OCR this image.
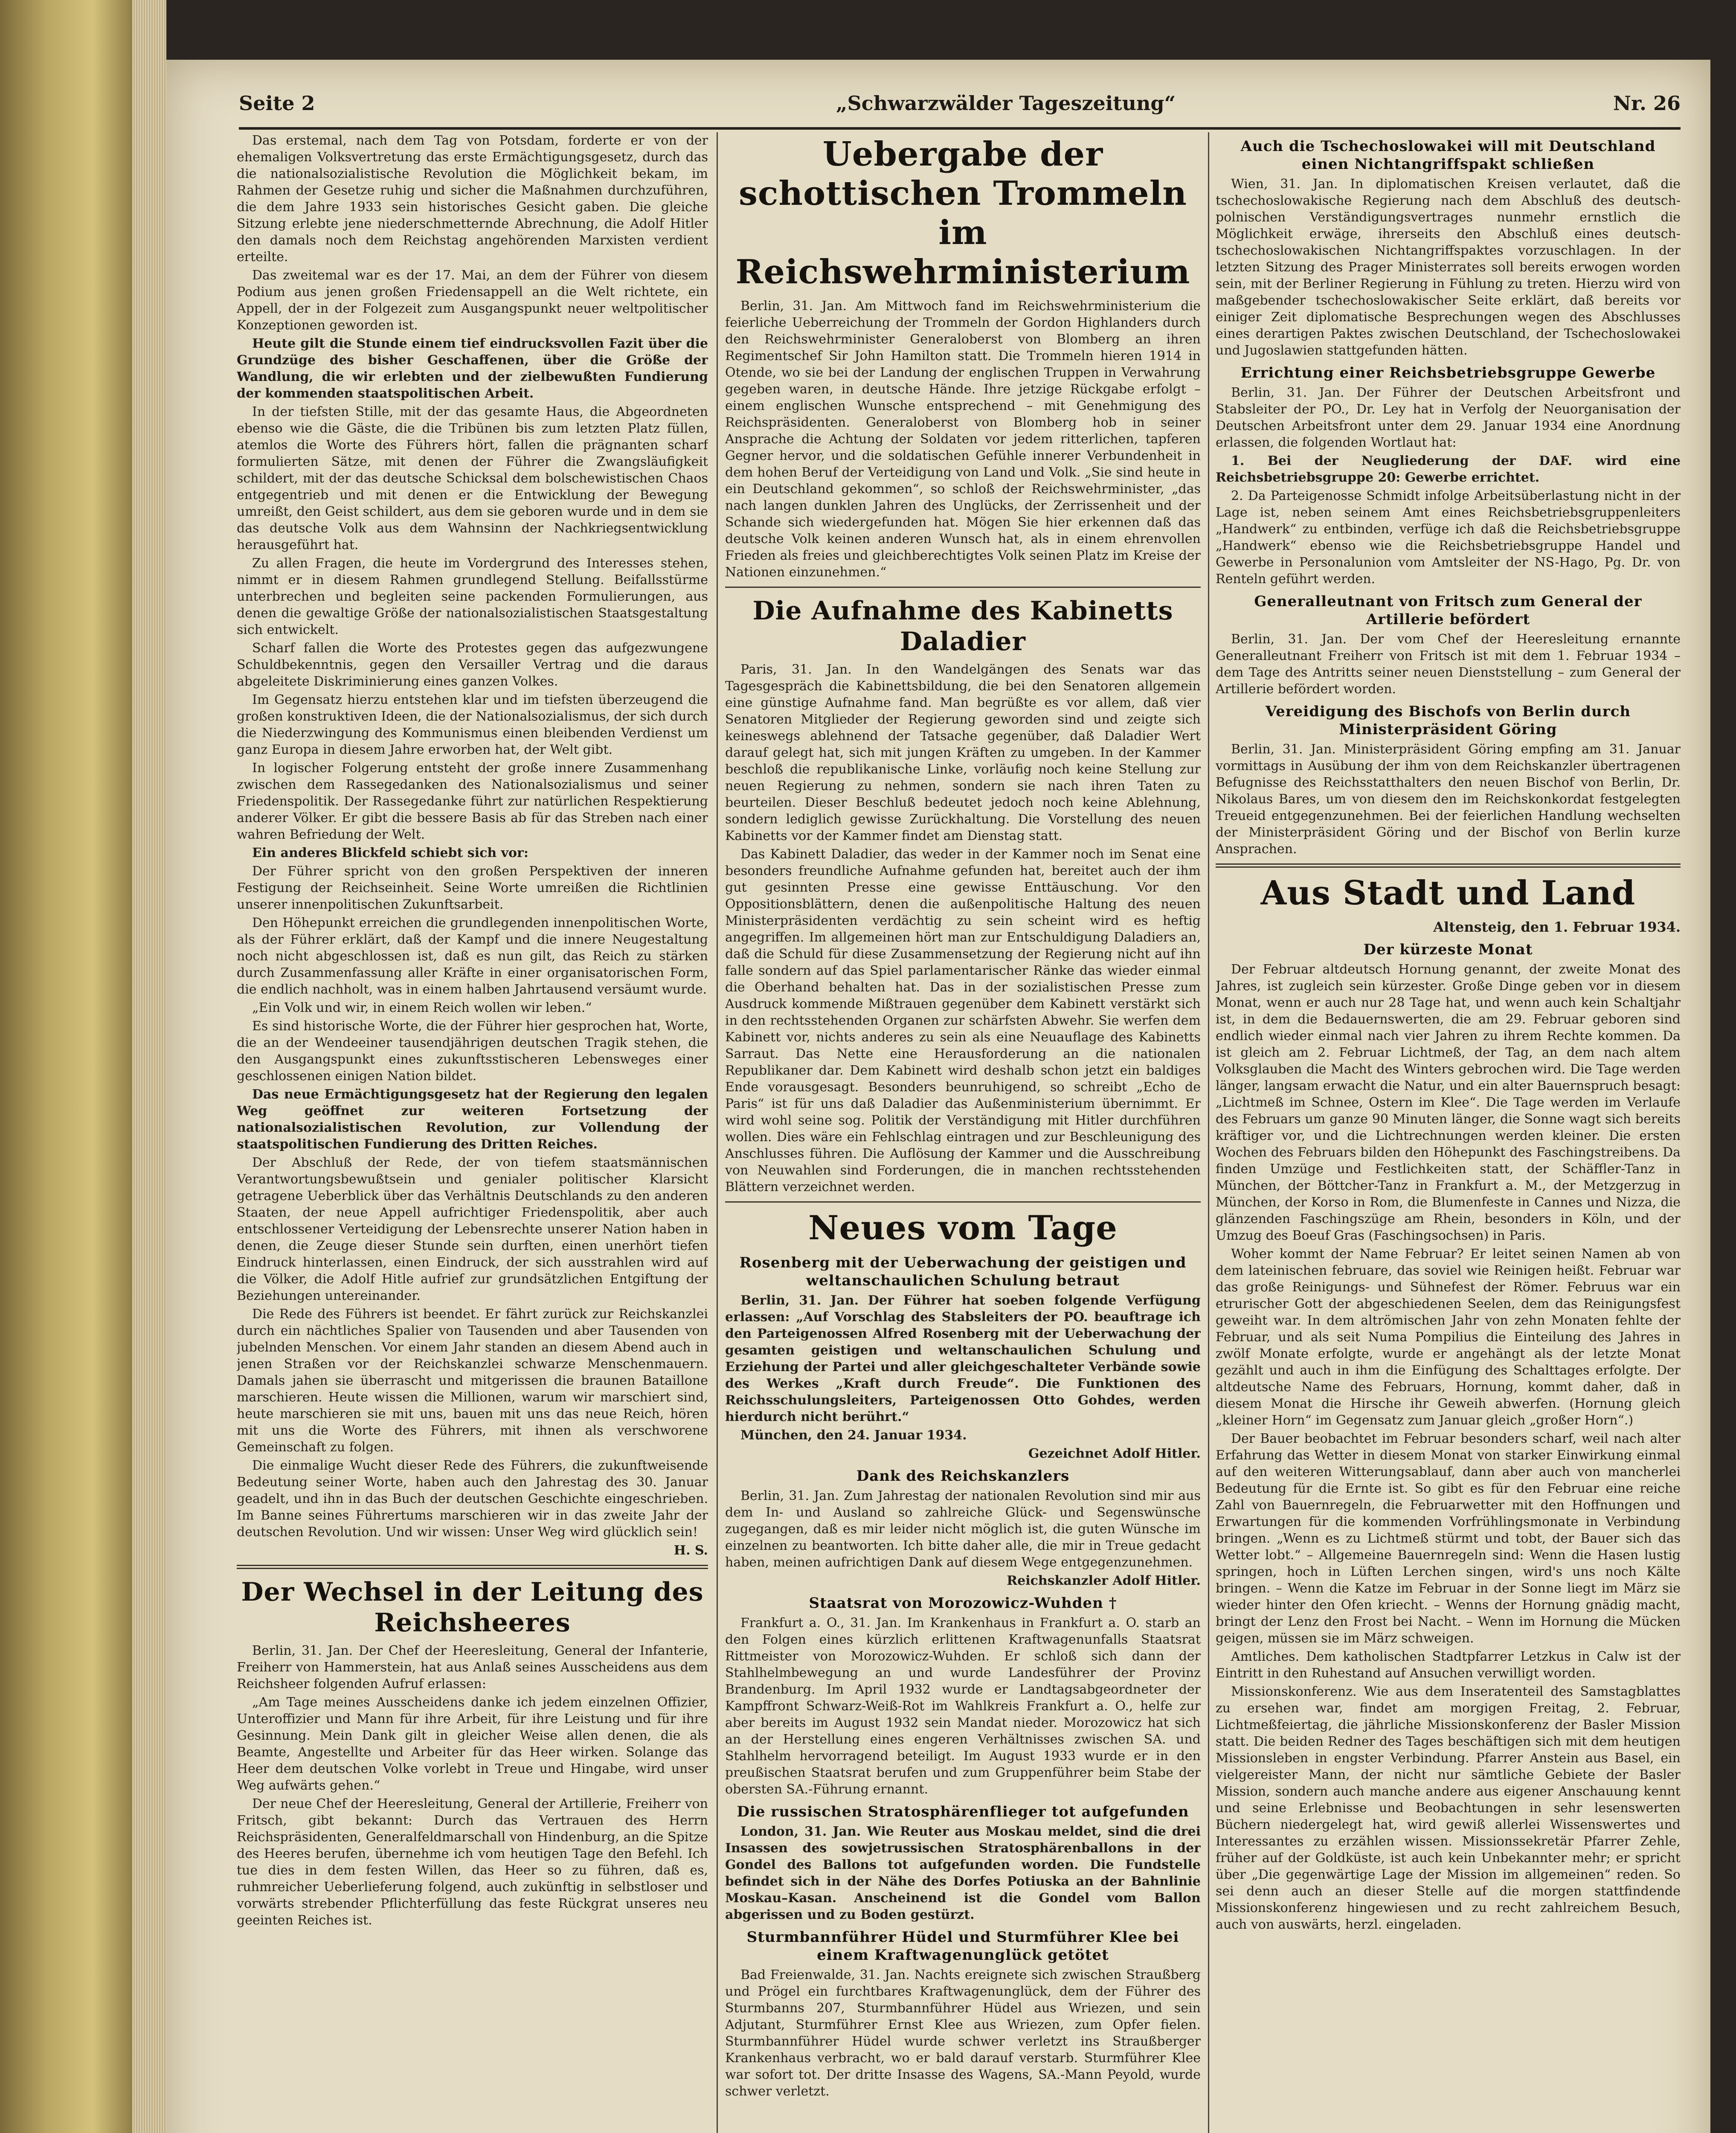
Seite 2	„Schwarzwälder Tageszeitung“	Nr. 26

Das erstemal, nach dem Tag von Potsdam, forderte er von der ehemaligen Volksvertretung das erste Ermächtigungsgesetz, durch das die nationalsozialistische Revolution die Möglichkeit bekam, im Rahmen der Gesetze ruhig und sicher die Maßnahmen durchzuführen, die dem Jahre 1933 sein historisches Gesicht gaben. Die gleiche Sitzung erlebte jene niederschmetternde Abrechnung, die Adolf Hitler den damals noch dem Reichstag angehörenden Marxisten verdient erteilte.

Das zweitemal war es der 17. Mai, an dem der Führer von diesem Podium aus jenen großen Friedensappell an die Welt richtete, ein Appell, der in der Folgezeit zum Ausgangspunkt neuer weltpolitischer Konzeptionen geworden ist.

Heute gilt die Stunde einem tief eindrucksvollen Fazit über die Grundzüge des bisher Geschaffenen, über die Größe der Wandlung, die wir erlebten und der zielbewußten Fundierung der kommenden staatspolitischen Arbeit.

In der tiefsten Stille, mit der das gesamte Haus, die Abgeordneten ebenso wie die Gäste, die die Tribünen bis zum letzten Platz füllen, atemlos die Worte des Führers hört, fallen die prägnanten scharf formulierten Sätze, mit denen der Führer die Zwangsläufigkeit schildert, mit der das deutsche Schicksal dem bolschewistischen Chaos entgegentrieb und mit denen er die Entwicklung der Bewegung umreißt, den Geist schildert, aus dem sie geboren wurde und in dem sie das deutsche Volk aus dem Wahnsinn der Nachkriegsentwicklung herausgeführt hat.

Zu allen Fragen, die heute im Vordergrund des Interesses stehen, nimmt er in diesem Rahmen grundlegend Stellung. Beifallsstürme unterbrechen und begleiten seine packenden Formulierungen, aus denen die gewaltige Größe der nationalsozialistischen Staatsgestaltung sich entwickelt.

Scharf fallen die Worte des Protestes gegen das aufgezwungene Schuldbekenntnis, gegen den Versailler Vertrag und die daraus abgeleitete Diskriminierung eines ganzen Volkes.

Im Gegensatz hierzu entstehen klar und im tiefsten überzeugend die großen konstruktiven Ideen, die der Nationalsozialismus, der sich durch die Niederzwingung des Kommunismus einen bleibenden Verdienst um ganz Europa in diesem Jahre erworben hat, der Welt gibt.

In logischer Folgerung entsteht der große innere Zusammenhang zwischen dem Rassegedanken des Nationalsozialismus und seiner Friedenspolitik. Der Rassegedanke führt zur natürlichen Respektierung anderer Völker. Er gibt die bessere Basis ab für das Streben nach einer wahren Befriedung der Welt.

Ein anderes Blickfeld schiebt sich vor:

Der Führer spricht von den großen Perspektiven der inneren Festigung der Reichseinheit. Seine Worte umreißen die Richtlinien unserer innenpolitischen Zukunftsarbeit.

Den Höhepunkt erreichen die grundlegenden innenpolitischen Worte, als der Führer erklärt, daß der Kampf und die innere Neugestaltung noch nicht abgeschlossen ist, daß es nun gilt, das Reich zu stärken durch Zusammenfassung aller Kräfte in einer organisatorischen Form, die endlich nachholt, was in einem halben Jahrtausend versäumt wurde.

„Ein Volk und wir, in einem Reich wollen wir leben.“

Es sind historische Worte, die der Führer hier gesprochen hat, Worte, die an der Wendeeiner tausendjährigen deutschen Tragik stehen, die den Ausgangspunkt eines zukunftsstischeren Lebensweges einer geschlossenen einigen Nation bildet.

Das neue Ermächtigungsgesetz hat der Regierung den legalen Weg geöffnet zur weiteren Fortsetzung der nationalsozialistischen Revolution, zur Vollendung der staatspolitischen Fundierung des Dritten Reiches.

Der Abschluß der Rede, der von tiefem staatsmännischen Verantwortungsbewußtsein und genialer politischer Klarsicht getragene Ueberblick über das Verhältnis Deutschlands zu den anderen Staaten, der neue Appell aufrichtiger Friedenspolitik, aber auch entschlossener Verteidigung der Lebensrechte unserer Nation haben in denen, die Zeuge dieser Stunde sein durften, einen unerhört tiefen Eindruck hinterlassen, einen Eindruck, der sich ausstrahlen wird auf die Völker, die Adolf Hitle aufrief zur grundsätzlichen Entgiftung der Beziehungen untereinander.

Die Rede des Führers ist beendet. Er fährt zurück zur Reichskanzlei durch ein nächtliches Spalier von Tausenden und aber Tausenden von jubelnden Menschen. Vor einem Jahr standen an diesem Abend auch in jenen Straßen vor der Reichskanzlei schwarze Menschenmauern. Damals jahen sie überrascht und mitgerissen die braunen Bataillone marschieren. Heute wissen die Millionen, warum wir marschiert sind, heute marschieren sie mit uns, bauen mit uns das neue Reich, hören mit uns die Worte des Führers, mit ihnen als verschworene Gemeinschaft zu folgen.

Die einmalige Wucht dieser Rede des Führers, die zukunftweisende Bedeutung seiner Worte, haben auch den Jahrestag des 30. Januar geadelt, und ihn in das Buch der deutschen Geschichte eingeschrieben. Im Banne seines Führertums marschieren wir in das zweite Jahr der deutschen Revolution. Und wir wissen: Unser Weg wird glücklich sein!

H. S.
Der Wechsel in der Leitung des Reichsheeres

Berlin, 31. Jan. Der Chef der Heeresleitung, General der Infanterie, Freiherr von Hammerstein, hat aus Anlaß seines Ausscheidens aus dem Reichsheer folgenden Aufruf erlassen:

„Am Tage meines Ausscheidens danke ich jedem einzelnen Offizier, Unteroffizier und Mann für ihre Arbeit, für ihre Leistung und für ihre Gesinnung. Mein Dank gilt in gleicher Weise allen denen, die als Beamte, Angestellte und Arbeiter für das Heer wirken. Solange das Heer dem deutschen Volke vorlebt in Treue und Hingabe, wird unser Weg aufwärts gehen.“

Der neue Chef der Heeresleitung, General der Artillerie, Freiherr von Fritsch, gibt bekannt: Durch das Vertrauen des Herrn Reichspräsidenten, Generalfeldmarschall von Hindenburg, an die Spitze des Heeres berufen, übernehme ich vom heutigen Tage den Befehl. Ich tue dies in dem festen Willen, das Heer so zu führen, daß es, ruhmreicher Ueberlieferung folgend, auch zukünftig in selbstloser und vorwärts strebender Pflichterfüllung das feste Rückgrat unseres neu geeinten Reiches ist.

Uebergabe der schottischen Trommeln im Reichswehrministerium

Berlin, 31. Jan. Am Mittwoch fand im Reichswehrministerium die feierliche Ueberreichung der Trommeln der Gordon Highlanders durch den Reichswehrminister Generaloberst von Blomberg an ihren Regimentschef Sir John Hamilton statt. Die Trommeln hieren 1914 in Otende, wo sie bei der Landung der englischen Truppen in Verwahrung gegeben waren, in deutsche Hände. Ihre jetzige Rückgabe erfolgt – einem englischen Wunsche entsprechend – mit Genehmigung des Reichspräsidenten. Generaloberst von Blomberg hob in seiner Ansprache die Achtung der Soldaten vor jedem ritterlichen, tapferen Gegner hervor, und die soldatischen Gefühle innerer Verbundenheit in dem hohen Beruf der Verteidigung von Land und Volk. „Sie sind heute in ein Deutschland gekommen“, so schloß der Reichswehrminister, „das nach langen dunklen Jahren des Unglücks, der Zerrissenheit und der Schande sich wiedergefunden hat. Mögen Sie hier erkennen daß das deutsche Volk keinen anderen Wunsch hat, als in einem ehrenvollen Frieden als freies und gleichberechtigtes Volk seinen Platz im Kreise der Nationen einzunehmen.“

Die Aufnahme des Kabinetts Daladier

Paris, 31. Jan. In den Wandelgängen des Senats war das Tagesgespräch die Kabinettsbildung, die bei den Senatoren allgemein eine günstige Aufnahme fand. Man begrüßte es vor allem, daß vier Senatoren Mitglieder der Regierung geworden sind und zeigte sich keineswegs ablehnend der Tatsache gegenüber, daß Daladier Wert darauf gelegt hat, sich mit jungen Kräften zu umgeben. In der Kammer beschloß die republikanische Linke, vorläufig noch keine Stellung zur neuen Regierung zu nehmen, sondern sie nach ihren Taten zu beurteilen. Dieser Beschluß bedeutet jedoch noch keine Ablehnung, sondern lediglich gewisse Zurückhaltung. Die Vorstellung des neuen Kabinetts vor der Kammer findet am Dienstag statt.

Das Kabinett Daladier, das weder in der Kammer noch im Senat eine besonders freundliche Aufnahme gefunden hat, bereitet auch der ihm gut gesinnten Presse eine gewisse Enttäuschung. Vor den Oppositionsblättern, denen die außenpolitische Haltung des neuen Ministerpräsidenten verdächtig zu sein scheint wird es heftig angegriffen. Im allgemeinen hört man zur Entschuldigung Daladiers an, daß die Schuld für diese Zusammensetzung der Regierung nicht auf ihn falle sondern auf das Spiel parlamentarischer Ränke das wieder einmal die Oberhand behalten hat. Das in der sozialistischen Presse zum Ausdruck kommende Mißtrauen gegenüber dem Kabinett verstärkt sich in den rechtsstehenden Organen zur schärfsten Abwehr. Sie werfen dem Kabinett vor, nichts anderes zu sein als eine Neuauflage des Kabinetts Sarraut. Das Nette eine Herausforderung an die nationalen Republikaner dar. Dem Kabinett wird deshalb schon jetzt ein baldiges Ende vorausgesagt. Besonders beunruhigend, so schreibt „Echo de Paris“ ist für uns daß Daladier das Außenministerium übernimmt. Er wird wohl seine sog. Politik der Verständigung mit Hitler durchführen wollen. Dies wäre ein Fehlschlag eintragen und zur Beschleunigung des Anschlusses führen. Die Auflösung der Kammer und die Ausschreibung von Neuwahlen sind Forderungen, die in manchen rechtsstehenden Blättern verzeichnet werden.

Neues vom Tage
Rosenberg mit der Ueberwachung der geistigen und weltanschaulichen Schulung betraut

Berlin, 31. Jan. Der Führer hat soeben folgende Verfügung erlassen: „Auf Vorschlag des Stabsleiters der PO. beauftrage ich den Parteigenossen Alfred Rosenberg mit der Ueberwachung der gesamten geistigen und weltanschaulichen Schulung und Erziehung der Partei und aller gleichgeschalteter Verbände sowie des Werkes „Kraft durch Freude“. Die Funktionen des Reichsschulungsleiters, Parteigenossen Otto Gohdes, werden hierdurch nicht berührt.“

München, den 24. Januar 1934.

Gezeichnet Adolf Hitler.
Dank des Reichskanzlers

Berlin, 31. Jan. Zum Jahrestag der nationalen Revolution sind mir aus dem In- und Ausland so zahlreiche Glück- und Segenswünsche zugegangen, daß es mir leider nicht möglich ist, die guten Wünsche im einzelnen zu beantworten. Ich bitte daher alle, die mir in Treue gedacht haben, meinen aufrichtigen Dank auf diesem Wege entgegenzunehmen.

Reichskanzler Adolf Hitler.
Staatsrat von Morozowicz-Wuhden †

Frankfurt a. O., 31. Jan. Im Krankenhaus in Frankfurt a. O. starb an den Folgen eines kürzlich erlittenen Kraftwagenunfalls Staatsrat Rittmeister von Morozowicz-Wuhden. Er schloß sich dann der Stahlhelmbewegung an und wurde Landesführer der Provinz Brandenburg. Im April 1932 wurde er Landtagsabgeordneter der Kampffront Schwarz-Weiß-Rot im Wahlkreis Frankfurt a. O., helfe zur aber bereits im August 1932 sein Mandat nieder. Morozowicz hat sich an der Herstellung eines engeren Verhältnisses zwischen SA. und Stahlhelm hervorragend beteiligt. Im August 1933 wurde er in den preußischen Staatsrat berufen und zum Gruppenführer beim Stabe der obersten SA.-Führung ernannt.

Die russischen Stratosphärenflieger tot aufgefunden

London, 31. Jan. Wie Reuter aus Moskau meldet, sind die drei Insassen des sowjetrussischen Stratosphärenballons in der Gondel des Ballons tot aufgefunden worden. Die Fundstelle befindet sich in der Nähe des Dorfes Potiuska an der Bahnlinie Moskau–Kasan. Anscheinend ist die Gondel vom Ballon abgerissen und zu Boden gestürzt.

Sturmbannführer Hüdel und Sturmführer Klee bei einem Kraftwagenunglück getötet

Bad Freienwalde, 31. Jan. Nachts ereignete sich zwischen Straußberg und Prögel ein furchtbares Kraftwagenunglück, dem der Führer des Sturmbanns 207, Sturmbannführer Hüdel aus Wriezen, und sein Adjutant, Sturmführer Ernst Klee aus Wriezen, zum Opfer fielen. Sturmbannführer Hüdel wurde schwer verletzt ins Straußberger Krankenhaus verbracht, wo er bald darauf verstarb. Sturmführer Klee war sofort tot. Der dritte Insasse des Wagens, SA.-Mann Peyold, wurde schwer verletzt.

Auch die Tschechoslowakei will mit Deutschland einen Nichtangriffspakt schließen

Wien, 31. Jan. In diplomatischen Kreisen verlautet, daß die tschechoslowakische Regierung nach dem Abschluß des deutsch-polnischen Verständigungsvertrages nunmehr ernstlich die Möglichkeit erwäge, ihrerseits den Abschluß eines deutsch-tschechoslowakischen Nichtangriffspaktes vorzuschlagen. In der letzten Sitzung des Prager Ministerrates soll bereits erwogen worden sein, mit der Berliner Regierung in Fühlung zu treten. Hierzu wird von maßgebender tschechoslowakischer Seite erklärt, daß bereits vor einiger Zeit diplomatische Besprechungen wegen des Abschlusses eines derartigen Paktes zwischen Deutschland, der Tschechoslowakei und Jugoslawien stattgefunden hätten.

Errichtung einer Reichsbetriebsgruppe Gewerbe

Berlin, 31. Jan. Der Führer der Deutschen Arbeitsfront und Stabsleiter der PO., Dr. Ley hat in Verfolg der Neuorganisation der Deutschen Arbeitsfront unter dem 29. Januar 1934 eine Anordnung erlassen, die folgenden Wortlaut hat:

1. Bei der Neugliederung der DAF. wird eine Reichsbetriebsgruppe 20: Gewerbe errichtet.

2. Da Parteigenosse Schmidt infolge Arbeitsüberlastung nicht in der Lage ist, neben seinem Amt eines Reichsbetriebsgruppenleiters „Handwerk“ zu entbinden, verfüge ich daß die Reichsbetriebsgruppe „Handwerk“ ebenso wie die Reichsbetriebsgruppe Handel und Gewerbe in Personalunion vom Amtsleiter der NS-Hago, Pg. Dr. von Renteln geführt werden.

Generalleutnant von Fritsch zum General der Artillerie befördert

Berlin, 31. Jan. Der vom Chef der Heeresleitung ernannte Generalleutnant Freiherr von Fritsch ist mit dem 1. Februar 1934 – dem Tage des Antritts seiner neuen Dienststellung – zum General der Artillerie befördert worden.

Vereidigung des Bischofs von Berlin durch Ministerpräsident Göring

Berlin, 31. Jan. Ministerpräsident Göring empfing am 31. Januar vormittags in Ausübung der ihm von dem Reichskanzler übertragenen Befugnisse des Reichsstatthalters den neuen Bischof von Berlin, Dr. Nikolaus Bares, um von diesem den im Reichskonkordat festgelegten Treueid entgegenzunehmen. Bei der feierlichen Handlung wechselten der Ministerpräsident Göring und der Bischof von Berlin kurze Ansprachen.

Aus Stadt und Land
Altensteig, den 1. Februar 1934.
Der kürzeste Monat

Der Februar altdeutsch Hornung genannt, der zweite Monat des Jahres, ist zugleich sein kürzester. Große Dinge geben vor in diesem Monat, wenn er auch nur 28 Tage hat, und wenn auch kein Schaltjahr ist, in dem die Bedauernswerten, die am 29. Februar geboren sind endlich wieder einmal nach vier Jahren zu ihrem Rechte kommen. Da ist gleich am 2. Februar Lichtmeß, der Tag, an dem nach altem Volksglauben die Macht des Winters gebrochen wird. Die Tage werden länger, langsam erwacht die Natur, und ein alter Bauernspruch besagt: „Lichtmeß im Schnee, Ostern im Klee“. Die Tage werden im Verlaufe des Februars um ganze 90 Minuten länger, die Sonne wagt sich bereits kräftiger vor, und die Lichtrechnungen werden kleiner. Die ersten Wochen des Februars bilden den Höhepunkt des Faschingstreibens. Da finden Umzüge und Festlichkeiten statt, der Schäffler-Tanz in München, der Böttcher-Tanz in Frankfurt a. M., der Metzgerzug in München, der Korso in Rom, die Blumenfeste in Cannes und Nizza, die glänzenden Faschingszüge am Rhein, besonders in Köln, und der Umzug des Boeuf Gras (Faschingsochsen) in Paris.

Woher kommt der Name Februar? Er leitet seinen Namen ab von dem lateinischen februare, das soviel wie Reinigen heißt. Februar war das große Reinigungs- und Sühnefest der Römer. Februus war ein etrurischer Gott der abgeschiedenen Seelen, dem das Reinigungsfest geweiht war. In dem altrömischen Jahr von zehn Monaten fehlte der Februar, und als seit Numa Pompilius die Einteilung des Jahres in zwölf Monate erfolgte, wurde er angehängt als der letzte Monat gezählt und auch in ihm die Einfügung des Schalttages erfolgte. Der altdeutsche Name des Februars, Hornung, kommt daher, daß in diesem Monat die Hirsche ihr Geweih abwerfen. (Hornung gleich „kleiner Horn“ im Gegensatz zum Januar gleich „großer Horn“.)

Der Bauer beobachtet im Februar besonders scharf, weil nach alter Erfahrung das Wetter in diesem Monat von starker Einwirkung einmal auf den weiteren Witterungsablauf, dann aber auch von mancherlei Bedeutung für die Ernte ist. So gibt es für den Februar eine reiche Zahl von Bauernregeln, die Februarwetter mit den Hoffnungen und Erwartungen für die kommenden Vorfrühlingsmonate in Verbindung bringen. „Wenn es zu Lichtmeß stürmt und tobt, der Bauer sich das Wetter lobt.“ – Allgemeine Bauernregeln sind: Wenn die Hasen lustig springen, hoch in Lüften Lerchen singen, wird's uns noch Kälte bringen. – Wenn die Katze im Februar in der Sonne liegt im März sie wieder hinter den Ofen kriecht. – Wenns der Hornung gnädig macht, bringt der Lenz den Frost bei Nacht. – Wenn im Hornung die Mücken geigen, müssen sie im März schweigen.

Amtliches. Dem katholischen Stadtpfarrer Letzkus in Calw ist der Eintritt in den Ruhestand auf Ansuchen verwilligt worden.

Missionskonferenz. Wie aus dem Inseratenteil des Samstagblattes zu ersehen war, findet am morgigen Freitag, 2. Februar, Lichtmeßfeiertag, die jährliche Missionskonferenz der Basler Mission statt. Die beiden Redner des Tages beschäftigen sich mit dem heutigen Missionsleben in engster Verbindung. Pfarrer Anstein aus Basel, ein vielgereister Mann, der nicht nur sämtliche Gebiete der Basler Mission, sondern auch manche andere aus eigener Anschauung kennt und seine Erlebnisse und Beobachtungen in sehr lesenswerten Büchern niedergelegt hat, wird gewiß allerlei Wissenswertes und Interessantes zu erzählen wissen. Missionssekretär Pfarrer Zehle, früher auf der Goldküste, ist auch kein Unbekannter mehr; er spricht über „Die gegenwärtige Lage der Mission im allgemeinen“ reden. So sei denn auch an dieser Stelle auf die morgen stattfindende Missionskonferenz hingewiesen und zu recht zahlreichem Besuch, auch von auswärts, herzl. eingeladen.
